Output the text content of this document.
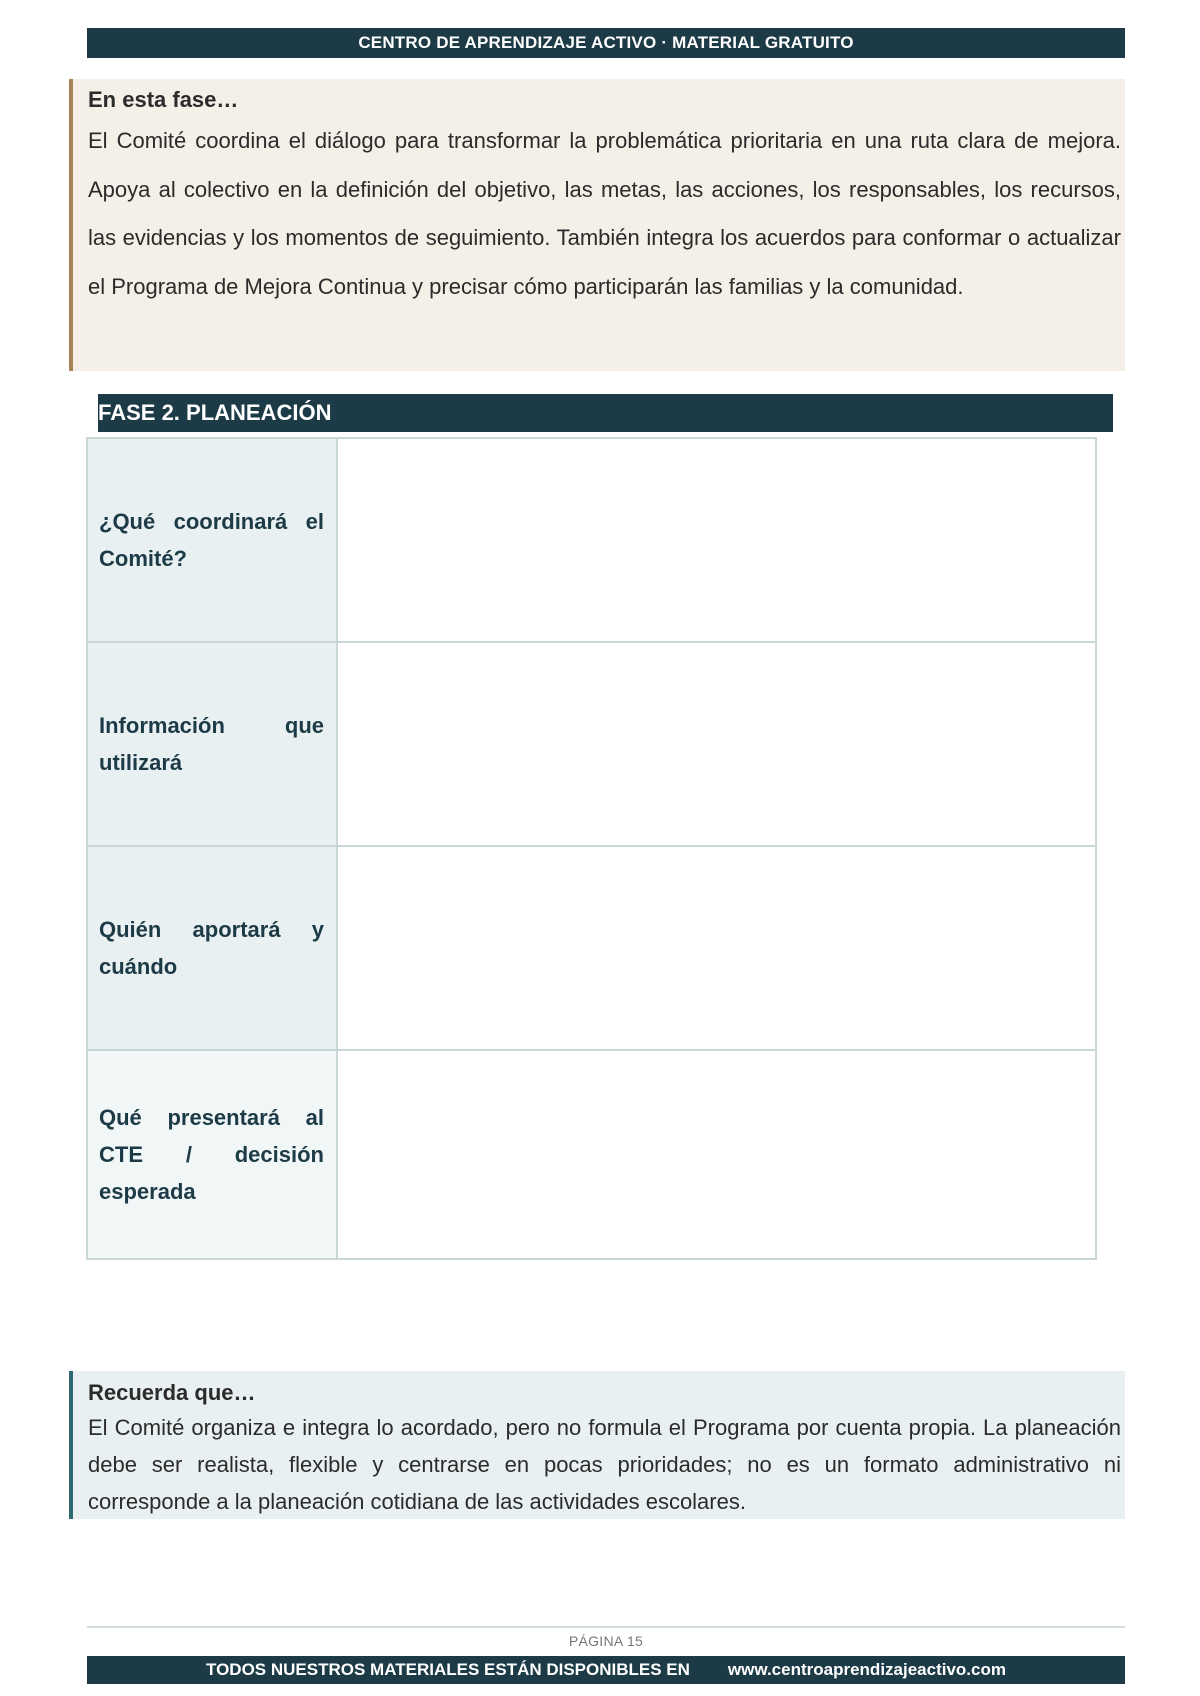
CENTRO DE APRENDIZAJE ACTIVO · MATERIAL GRATUITO
En esta fase…

El Comité coordina el diálogo para transformar la problemática prioritaria en una ruta clara de mejora. Apoya al colectivo en la definición del objetivo, las metas, las acciones, los responsables, los recursos, las evidencias y los momentos de seguimiento. También integra los acuerdos para conformar o actualizar el Programa de Mejora Continua y precisar cómo participarán las familias y la comunidad.

FASE 2. PLANEACIÓN
¿Qué coordinará el Comité?
Información que utilizará
Quién aportará y cuándo
Qué presentará al CTE / decisión esperada
Recuerda que…

El Comité organiza e integra lo acordado, pero no formula el Programa por cuenta propia. La planeación debe ser realista, flexible y centrarse en pocas prioridades; no es un formato administrativo ni corresponde a la planeación cotidiana de las actividades escolares.

PÁGINA 15
TODOS NUESTROS MATERIALES ESTÁN DISPONIBLES EN www.centroaprendizajeactivo.com
